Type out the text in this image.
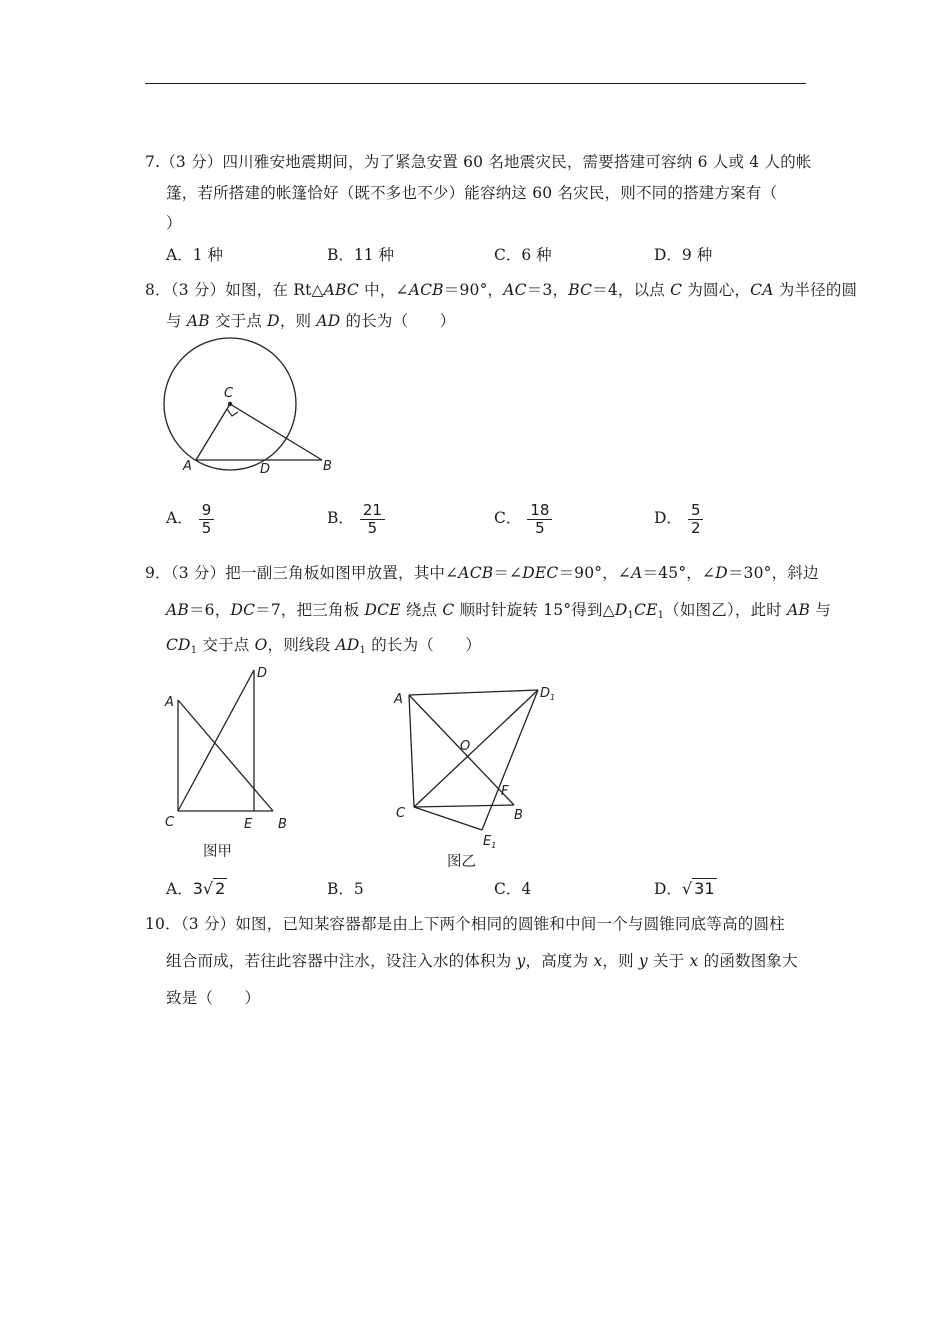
7.（3 分）四川雅安地震期间，为了紧急安置 60 名地震灾民，需要搭建可容纳 6 人或 4 人的帐
篷，若所搭建的帐篷恰好（既不多也不少）能容纳这 60 名灾民，则不同的搭建方案有（
）
A．1 种	B．11 种	C．6 种	D．9 种
8．（3 分）如图，在 Rt△ABC 中，∠ACB＝90°，AC＝3，BC＝4，以点 C 为圆心，CA 为半径的圆
与 AB 交于点 D，则 AD 的长为（　　）
C
A	D	B
A． $\frac{9}{5}$	B． $\frac{21}{5}$	C． $\frac{18}{5}$	D． $\frac{5}{2}$
9．（3 分）把一副三角板如图甲放置，其中∠ACB＝∠DEC＝90°，∠A＝45°，∠D＝30°，斜边
AB＝6，DC＝7，把三角板 DCE 绕点 C 顺时针旋转 15°得到$\triangle D_1CE_1$（如图乙），此时 AB 与
$CD_1$ 交于点 O，则线段 $AD_1$ 的长为（　　）
A
D
C	E B
图甲
A	$D_1$
O
F
C	B
$E_1$
图乙
A．3√ 2	B．5	C．4	D．√ 31
10．（3 分）如图，已知某容器都是由上下两个相同的圆锥和中间一个与圆锥同底等高的圆柱
组合而成，若往此容器中注水，设注入水的体积为 y，高度为 x，则 y 关于 x 的函数图象大
致是（　　）
